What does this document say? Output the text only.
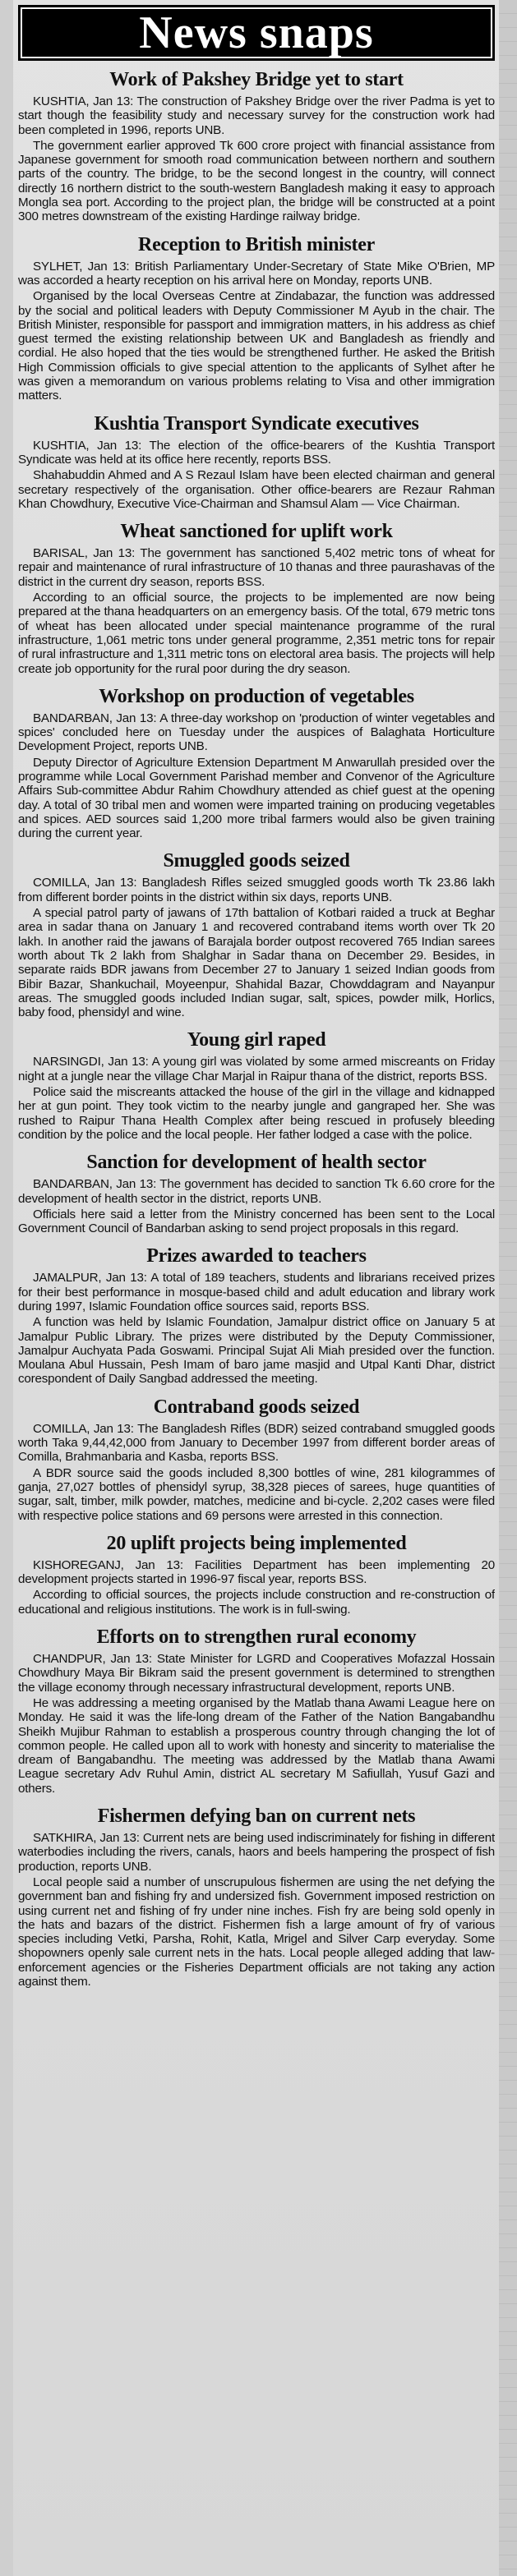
News snaps
Work of Pakshey Bridge yet to start

KUSHTIA, Jan 13: The construction of Pakshey Bridge over the river Padma is yet to start though the feasibility study and necessary survey for the construction work had been completed in 1996, reports UNB.

The government earlier approved Tk 600 crore project with financial assistance from Japanese government for smooth road communication between northern and southern parts of the country. The bridge, to be the second longest in the country, will connect directly 16 northern district to the south-western Bangladesh making it easy to approach Mongla sea port. According to the project plan, the bridge will be constructed at a point 300 metres downstream of the existing Hardinge railway bridge.

Reception to British minister

SYLHET, Jan 13: British Parliamentary Under-Secretary of State Mike O'Brien, MP was accorded a hearty reception on his arrival here on Monday, reports UNB.

Organised by the local Overseas Centre at Zindabazar, the function was addressed by the social and political leaders with Deputy Commissioner M Ayub in the chair. The British Minister, responsible for passport and immigration matters, in his address as chief guest termed the existing relationship between UK and Bangladesh as friendly and cordial. He also hoped that the ties would be strengthened further. He asked the British High Commission officials to give special attention to the applicants of Sylhet after he was given a memorandum on various problems relating to Visa and other immigration matters.

Kushtia Transport Syndicate executives

KUSHTIA, Jan 13: The election of the office-bearers of the Kushtia Transport Syndicate was held at its office here recently, reports BSS.

Shahabuddin Ahmed and A S Rezaul Islam have been elected chairman and general secretary respectively of the organisation. Other office-bearers are Rezaur Rahman Khan Chowdhury, Executive Vice-Chairman and Shamsul Alam — Vice Chairman.

Wheat sanctioned for uplift work

BARISAL, Jan 13: The government has sanctioned 5,402 metric tons of wheat for repair and maintenance of rural infrastructure of 10 thanas and three paurashavas of the district in the current dry season, reports BSS.

According to an official source, the projects to be implemented are now being prepared at the thana headquarters on an emergency basis. Of the total, 679 metric tons of wheat has been allocated under special maintenance programme of the rural infrastructure, 1,061 metric tons under general programme, 2,351 metric tons for repair of rural infrastructure and 1,311 metric tons on electoral area basis. The projects will help create job opportunity for the rural poor during the dry season.

Workshop on production of vegetables

BANDARBAN, Jan 13: A three-day workshop on 'production of winter vegetables and spices' concluded here on Tuesday under the auspices of Balaghata Horticulture Development Project, reports UNB.

Deputy Director of Agriculture Extension Department M Anwarullah presided over the programme while Local Government Parishad member and Convenor of the Agriculture Affairs Sub-committee Abdur Rahim Chowdhury attended as chief guest at the opening day. A total of 30 tribal men and women were imparted training on producing vegetables and spices. AED sources said 1,200 more tribal farmers would also be given training during the current year.

Smuggled goods seized

COMILLA, Jan 13: Bangladesh Rifles seized smuggled goods worth Tk 23.86 lakh from different border points in the district within six days, reports UNB.

A special patrol party of jawans of 17th battalion of Kotbari raided a truck at Beghar area in sadar thana on January 1 and recovered contraband items worth over Tk 20 lakh. In another raid the jawans of Barajala border outpost recovered 765 Indian sarees worth about Tk 2 lakh from Shalghar in Sadar thana on December 29. Besides, in separate raids BDR jawans from December 27 to January 1 seized Indian goods from Bibir Bazar, Shankuchail, Moyeenpur, Shahidal Bazar, Chowddagram and Nayanpur areas. The smuggled goods included Indian sugar, salt, spices, powder milk, Horlics, baby food, phensidyl and wine.

Young girl raped

NARSINGDI, Jan 13: A young girl was violated by some armed miscreants on Friday night at a jungle near the village Char Marjal in Raipur thana of the district, reports BSS.

Police said the miscreants attacked the house of the girl in the village and kidnapped her at gun point. They took victim to the nearby jungle and gangraped her. She was rushed to Raipur Thana Health Complex after being rescued in profusely bleeding condition by the police and the local people. Her father lodged a case with the police.

Sanction for development of health sector

BANDARBAN, Jan 13: The government has decided to sanction Tk 6.60 crore for the development of health sector in the district, reports UNB.

Officials here said a letter from the Ministry concerned has been sent to the Local Government Council of Bandarban asking to send project proposals in this regard.

Prizes awarded to teachers

JAMALPUR, Jan 13: A total of 189 teachers, students and librarians received prizes for their best performance in mosque-based child and adult education and library work during 1997, Islamic Foundation office sources said, reports BSS.

A function was held by Islamic Foundation, Jamalpur district office on January 5 at Jamalpur Public Library. The prizes were distributed by the Deputy Commissioner, Jamalpur Auchyata Pada Goswami. Principal Sujat Ali Miah presided over the function. Moulana Abul Hussain, Pesh Imam of baro jame masjid and Utpal Kanti Dhar, district corespondent of Daily Sangbad addressed the meeting.

Contraband goods seized

COMILLA, Jan 13: The Bangladesh Rifles (BDR) seized contraband smuggled goods worth Taka 9,44,42,000 from January to December 1997 from different border areas of Comilla, Brahmanbaria and Kasba, reports BSS.

A BDR source said the goods included 8,300 bottles of wine, 281 kilogrammes of ganja, 27,027 bottles of phensidyl syrup, 38,328 pieces of sarees, huge quantities of sugar, salt, timber, milk powder, matches, medicine and bi-cycle. 2,202 cases were filed with respective police stations and 69 persons were arrested in this connection.

20 uplift projects being implemented

KISHOREGANJ, Jan 13: Facilities Department has been implementing 20 development projects started in 1996-97 fiscal year, reports BSS.

According to official sources, the projects include construction and re-construction of educational and religious institutions. The work is in full-swing.

Efforts on to strengthen rural economy

CHANDPUR, Jan 13: State Minister for LGRD and Cooperatives Mofazzal Hossain Chowdhury Maya Bir Bikram said the present government is determined to strengthen the village economy through necessary infrastructural development, reports UNB.

He was addressing a meeting organised by the Matlab thana Awami League here on Monday. He said it was the life-long dream of the Father of the Nation Bangabandhu Sheikh Mujibur Rahman to establish a prosperous country through changing the lot of common people. He called upon all to work with honesty and sincerity to materialise the dream of Bangabandhu. The meeting was addressed by the Matlab thana Awami League secretary Adv Ruhul Amin, district AL secretary M Safiullah, Yusuf Gazi and others.

Fishermen defying ban on current nets

SATKHIRA, Jan 13: Current nets are being used indiscriminately for fishing in different waterbodies including the rivers, canals, haors and beels hampering the prospect of fish production, reports UNB.

Local people said a number of unscrupulous fishermen are using the net defying the government ban and fishing fry and undersized fish. Government imposed restriction on using current net and fishing of fry under nine inches. Fish fry are being sold openly in the hats and bazars of the district. Fishermen fish a large amount of fry of various species including Vetki, Parsha, Rohit, Katla, Mrigel and Silver Carp everyday. Some shopowners openly sale current nets in the hats. Local people alleged adding that law-enforcement agencies or the Fisheries Department officials are not taking any action against them.
